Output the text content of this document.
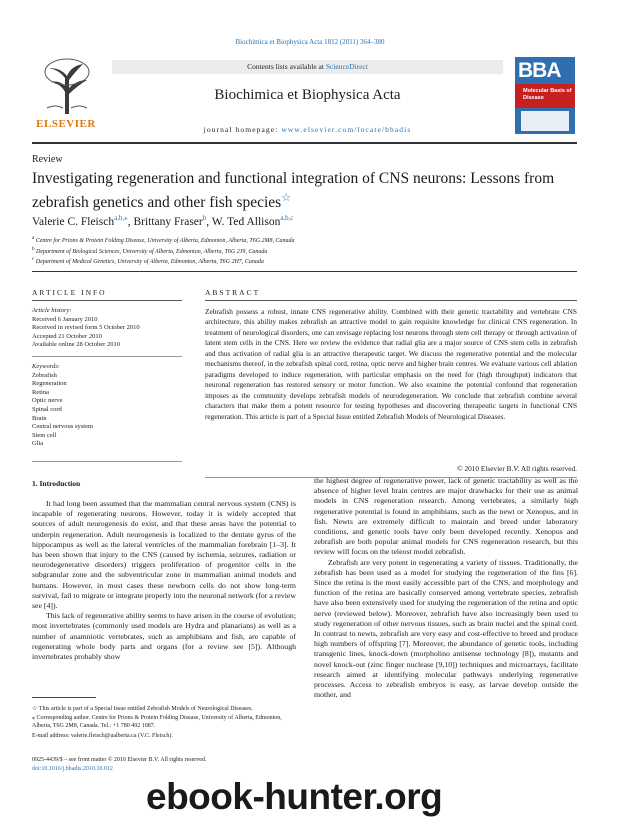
Biochimica et Biophysica Acta 1812 (2011) 364–380
ELSEVIER
Contents lists available at ScienceDirect
Biochimica et Biophysica Acta
journal homepage: www.elsevier.com/locate/bbadis
BBA
Molecular Basis of Disease
Review
Investigating regeneration and functional integration of CNS neurons: Lessons from zebrafish genetics and other fish species☆
Valerie C. Fleisch$^{a,b,⁎}$, Brittany Fraser$^b$, W. Ted Allison$^{a,b,c}$
$^a$ Centre for Prions & Protein Folding Disease, University of Alberta, Edmonton, Alberta, T6G 2M8, Canada
$^b$ Department of Biological Sciences, University of Alberta, Edmonton, Alberta, T6G 2J9, Canada
$^c$ Department of Medical Genetics, University of Alberta, Edmonton, Alberta, T6G 2H7, Canada
ARTICLE INFO	ABSTRACT
Article history:
Received 6 January 2010
Received in revised form 5 October 2010
Accepted 21 October 2010
Available online 28 October 2010
Keywords:
Zebrafish
Regeneration
Retina
Optic nerve
Spinal cord
Brain
Central nervous system
Stem cell
Glia
Zebrafish possess a robust, innate CNS regenerative ability. Combined with their genetic tractability and vertebrate CNS architecture, this ability makes zebrafish an attractive model to gain requisite knowledge for clinical CNS regeneration. In treatment of neurological disorders, one can envisage replacing lost neurons through stem cell therapy or through activation of latent stem cells in the CNS. Here we review the evidence that radial glia are a major source of CNS stem cells in zebrafish and thus activation of radial glia is an attractive therapeutic target. We discuss the regenerative potential and the molecular mechanisms thereof, in the zebrafish spinal cord, retina, optic nerve and higher brain centres. We evaluate various cell ablation paradigms developed to induce regeneration, with particular emphasis on the need for (high throughput) indicators that neuronal regeneration has restored sensory or motor function. We also examine the potential confound that regeneration imposes as the community develops zebrafish models of neurodegeneration. We conclude that zebrafish combine several characters that make them a potent resource for testing hypotheses and discovering therapeutic targets in functional CNS regeneration. This article is part of a Special Issue entitled Zebrafish Models of Neurological Diseases.
© 2010 Elsevier B.V. All rights reserved.
1. Introduction

It had long been assumed that the mammalian central nervous system (CNS) is incapable of regenerating neurons. However, today it is widely accepted that sources of adult neurogenesis do exist, and that these areas have the potential to underpin regeneration. Adult neurogenesis is localized to the dentate gyrus of the hippocampus as well as the lateral ventricles of the mammalian forebrain [1–3]. It has been shown that injury to the CNS (caused by ischemia, seizures, radiation or neurodegenerative disorders) triggers proliferation of progenitor cells in the subgranular zone and the subventricular zone in mammalian animal models and humans. However, in most cases these newborn cells do not show long-term survival, fail to migrate or integrate properly into the neuronal network (for a review see [4]).

This lack of regenerative ability seems to have arisen in the course of evolution; most invertebrates (commonly used models are Hydra and planarians) as well as a number of anamniotic vertebrates, such as amphibians and fish, are capable of regenerating whole body parts and organs (for a review see [5]). Although invertebrates probably show

the highest degree of regenerative power, lack of genetic tractability as well as the absence of higher level brain centres are major drawbacks for their use as animal models in CNS regeneration research. Among vertebrates, a similarly high regenerative potential is found in amphibians, such as the newt or Xenopus, and in fish. Newts are extremely difficult to maintain and breed under laboratory conditions, and genetic tools have only been developed recently. Xenopus and zebrafish are both popular animal models for CNS regeneration research, but this review will focus on the teleost model zebrafish.

Zebrafish are very potent in regenerating a variety of tissues. Traditionally, the zebrafish has been used as a model for studying the regeneration of the fins [6]. Since the retina is the most easily accessible part of the CNS, and morphology and function of the retina are basically conserved among vertebrate species, zebrafish have also been extensively used for studying the regeneration of the retina and optic nerve (reviewed below). Moreover, zebrafish have also increasingly been used to study regeneration of other nervous tissues, such as brain nuclei and the spinal cord. In contrast to newts, zebrafish are very easy and cost-effective to breed and produce high numbers of offspring [7]. Moreover, the abundance of genetic tools, including transgenic lines, knock-down (morpholino antisense technology [8]), mutants and novel knock-out (zinc finger nuclease [9,10]) techniques and microarrays, facilitate research aimed at identifying molecular pathways underlying regenerative processes. Access to zebrafish embryos is easy, as larvae develop outside the mother, and

☆ This article is part of a Special Issue entitled Zebrafish Models of Neurological Diseases.

⁎ Corresponding author. Centre for Prions & Protein Folding Disease, University of Alberta, Edmonton, Alberta, T6G 2M8, Canada. Tel.: +1 780 492 1087.

E-mail address: valerie.fleisch@ualberta.ca (V.C. Fleisch).

0925-4439/$ – see front matter © 2010 Elsevier B.V. All rights reserved.
doi:10.1016/j.bbadis.2010.10.012
ebook-hunter.org
